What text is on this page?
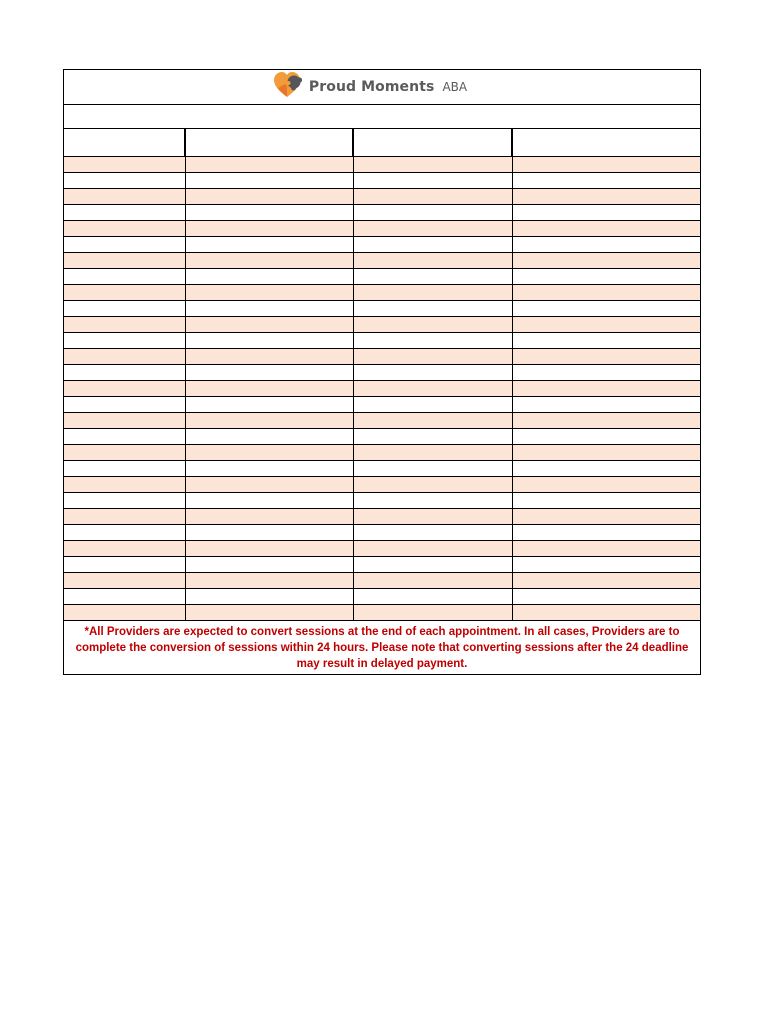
Proud Moments ABA

*All Providers are expected to convert sessions at the end of each appointment. In all cases, Providers are to complete the conversion of sessions within 24 hours. Please note that converting sessions after the 24 deadline may result in delayed payment.
